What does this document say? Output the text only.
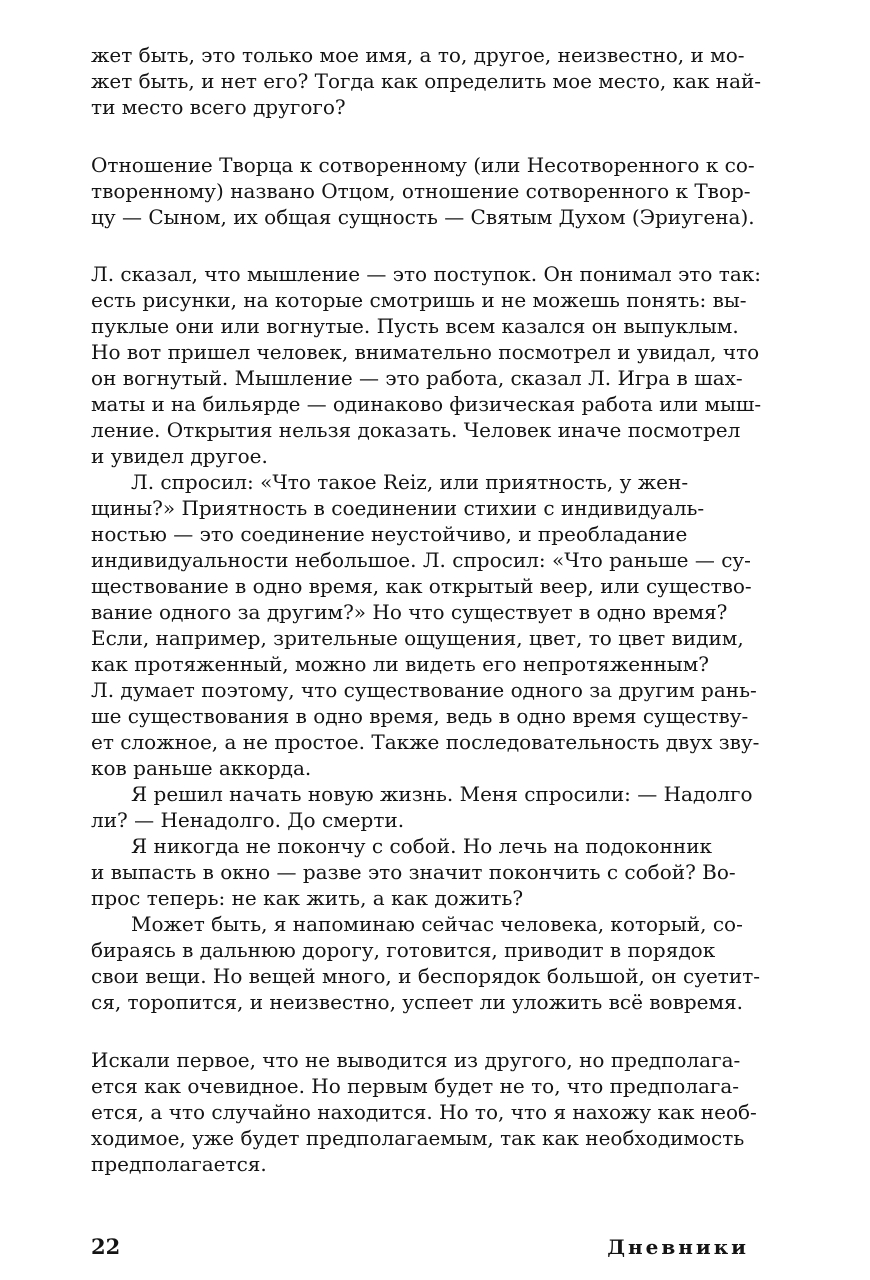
жет быть, это только мое имя, а то, другое, неизвестно, и мо-
жет быть, и нет его? Тогда как определить мое место, как най-
ти место всего другого?
Отношение Творца к сотворенному (или Несотворенного к со-
творенному) названо Отцом, отношение сотворенного к Твор-
цу — Сыном, их общая сущность — Святым Духом (Эриугена).
Л. сказал, что мышление — это поступок. Он понимал это так:
есть рисунки, на которые смотришь и не можешь понять: вы-
пуклые они или вогнутые. Пусть всем казался он выпуклым.
Но вот пришел человек, внимательно посмотрел и увидал, что
он вогнутый. Мышление — это работа, сказал Л. Игра в шах-
маты и на бильярде — одинаково физическая работа или мыш-
ление. Открытия нельзя доказать. Человек иначе посмотрел
и увидел другое.
Л. спросил: «Что такое Reiz, или приятность, у жен-
щины?» Приятность в соединении стихии с индивидуаль-
ностью — это соединение неустойчиво, и преобладание
индивидуальности небольшое. Л. спросил: «Что раньше — су-
ществование в одно время, как открытый веер, или существо-
вание одного за другим?» Но что существует в одно время?
Если, например, зрительные ощущения, цвет, то цвет видим,
как протяженный, можно ли видеть его непротяженным?
Л. думает поэтому, что существование одного за другим рань-
ше существования в одно время, ведь в одно время существу-
ет сложное, а не простое. Также последовательность двух зву-
ков раньше аккорда.
Я решил начать новую жизнь. Меня спросили: — Надолго
ли? — Ненадолго. До смерти.
Я никогда не покончу с собой. Но лечь на подоконник
и выпасть в окно — разве это значит покончить с собой? Во-
прос теперь: не как жить, а как дожить?
Может быть, я напоминаю сейчас человека, который, со-
бираясь в дальнюю дорогу, готовится, приводит в порядок
свои вещи. Но вещей много, и беспорядок большой, он суетит-
ся, торопится, и неизвестно, успеет ли уложить всё вовремя.
Искали первое, что не выводится из другого, но предполага-
ется как очевидное. Но первым будет не то, что предполага-
ется, а что случайно находится. Но то, что я нахожу как необ-
ходимое, уже будет предполагаемым, так как необходимость
предполагается.
22	Дневники
